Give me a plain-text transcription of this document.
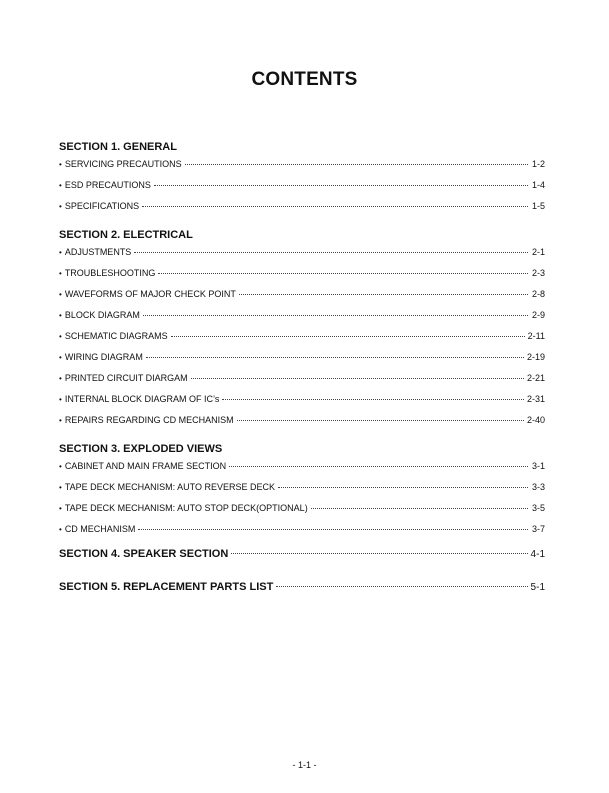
CONTENTS
SECTION 1. GENERAL
• SERVICING PRECAUTIONS	1-2
• ESD PRECAUTIONS	1-4
• SPECIFICATIONS	1-5
SECTION 2. ELECTRICAL
• ADJUSTMENTS	2-1
• TROUBLESHOOTING	2-3
• WAVEFORMS OF MAJOR CHECK POINT	2-8
• BLOCK DIAGRAM	2-9
• SCHEMATIC DIAGRAMS	2-11
• WIRING DIAGRAM	2-19
• PRINTED CIRCUIT DIARGAM	2-21
• INTERNAL BLOCK DIAGRAM OF IC’s	2-31
• REPAIRS REGARDING CD MECHANISM	2-40
SECTION 3. EXPLODED VIEWS
• CABINET AND MAIN FRAME SECTION	3-1
• TAPE DECK MECHANISM: AUTO REVERSE DECK	3-3
• TAPE DECK MECHANISM: AUTO STOP DECK(OPTIONAL)	3-5
• CD MECHANISM	3-7
SECTION 4. SPEAKER SECTION	4-1
SECTION 5. REPLACEMENT PARTS LIST	5-1
- 1-1 -
